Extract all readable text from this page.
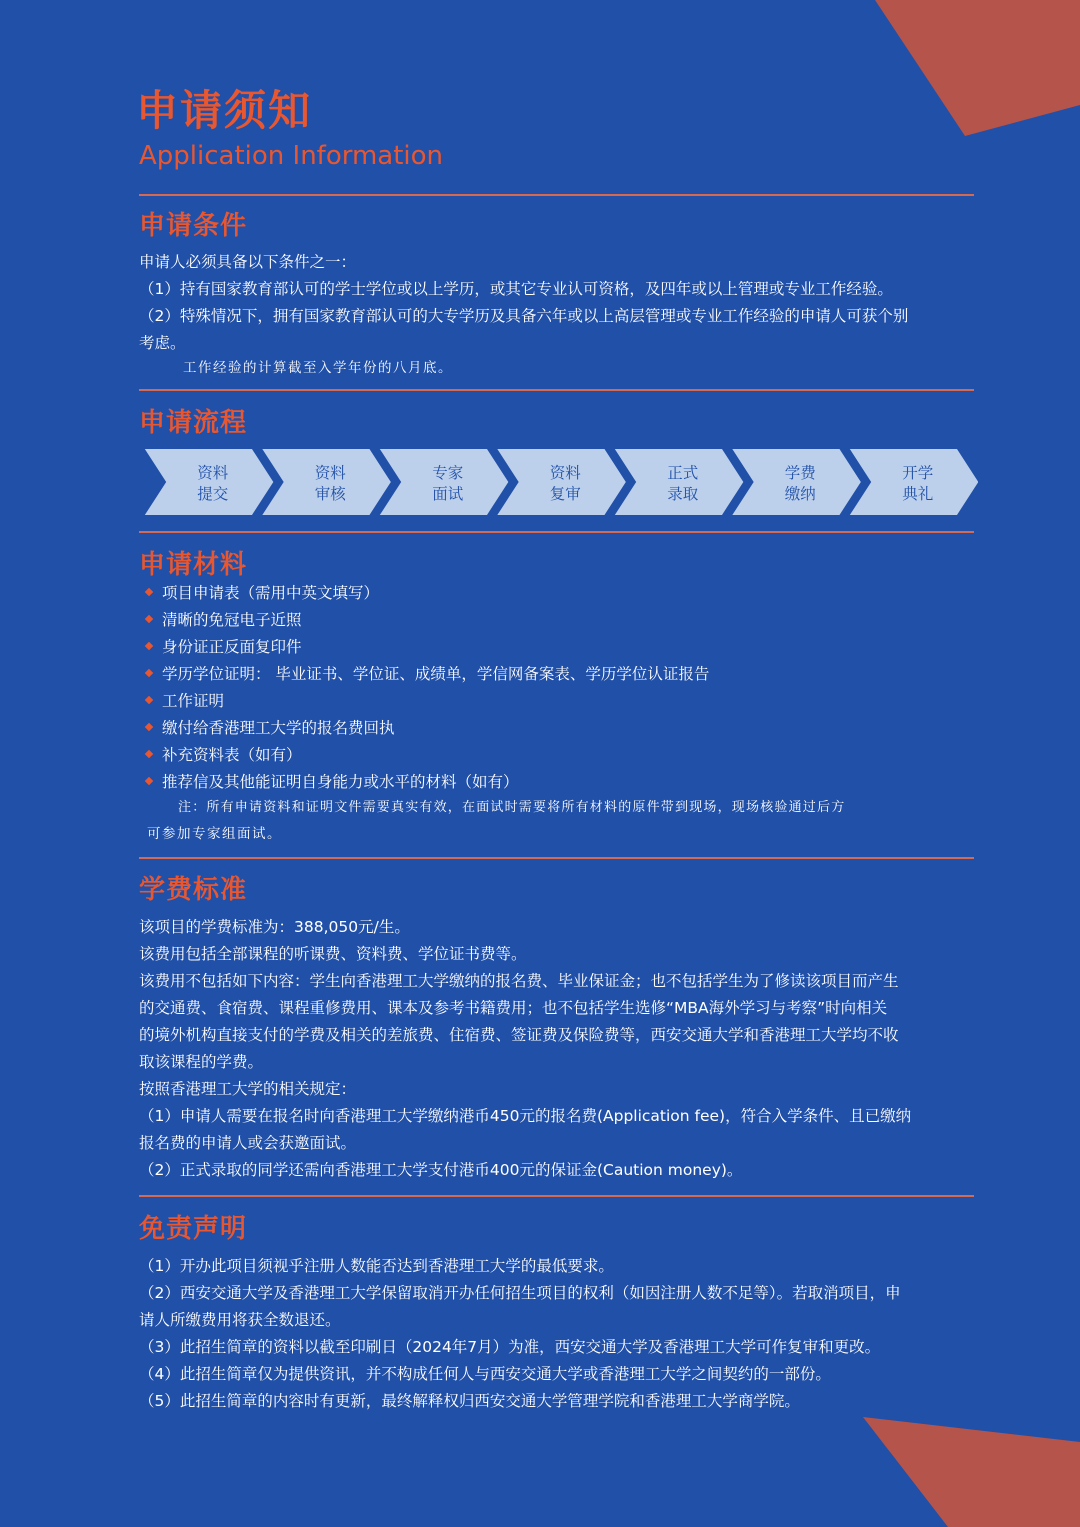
申请须知
Application Information
申请条件

申请人必须具备以下条件之一：

（1）持有国家教育部认可的学士学位或以上学历，或其它专业认可资格，及四年或以上管理或专业工作经验。

（2）特殊情况下，拥有国家教育部认可的大专学历及具备六年或以上高层管理或专业工作经验的申请人可获个别

考虑。

工作经验的计算截至入学年份的八月底。

申请流程
资料
提交
资料
审核
专家
面试
资料
复审
正式
录取
学费
缴纳
开学
典礼
申请材料
项目申请表（需用中英文填写）
清晰的免冠电子近照
身份证正反面复印件
学历学位证明： 毕业证书、学位证、成绩单，学信网备案表、学历学位认证报告
工作证明
缴付给香港理工大学的报名费回执
补充资料表（如有）
推荐信及其他能证明自身能力或水平的材料（如有）

注：所有申请资料和证明文件需要真实有效，在面试时需要将所有材料的原件带到现场，现场核验通过后方

可参加专家组面试。

学费标准

该项目的学费标准为：388,050元/生。

该费用包括全部课程的听课费、资料费、学位证书费等。

该费用不包括如下内容：学生向香港理工大学缴纳的报名费、毕业保证金；也不包括学生为了修读该项目而产生

的交通费、食宿费、课程重修费用、课本及参考书籍费用；也不包括学生选修“MBA海外学习与考察”时向相关

的境外机构直接支付的学费及相关的差旅费、住宿费、签证费及保险费等，西安交通大学和香港理工大学均不收

取该课程的学费。

按照香港理工大学的相关规定：

（1）申请人需要在报名时向香港理工大学缴纳港币450元的报名费(Application fee)，符合入学条件、且已缴纳

报名费的申请人或会获邀面试。

（2）正式录取的同学还需向香港理工大学支付港币400元的保证金(Caution money)。

免责声明

（1）开办此项目须视乎注册人数能否达到香港理工大学的最低要求。

（2）西安交通大学及香港理工大学保留取消开办任何招生项目的权利（如因注册人数不足等）。若取消项目，申

请人所缴费用将获全数退还。

（3）此招生简章的资料以截至印刷日（2024年7月）为准，西安交通大学及香港理工大学可作复审和更改。

（4）此招生简章仅为提供资讯，并不构成任何人与西安交通大学或香港理工大学之间契约的一部份。

（5）此招生简章的内容时有更新，最终解释权归西安交通大学管理学院和香港理工大学商学院。
